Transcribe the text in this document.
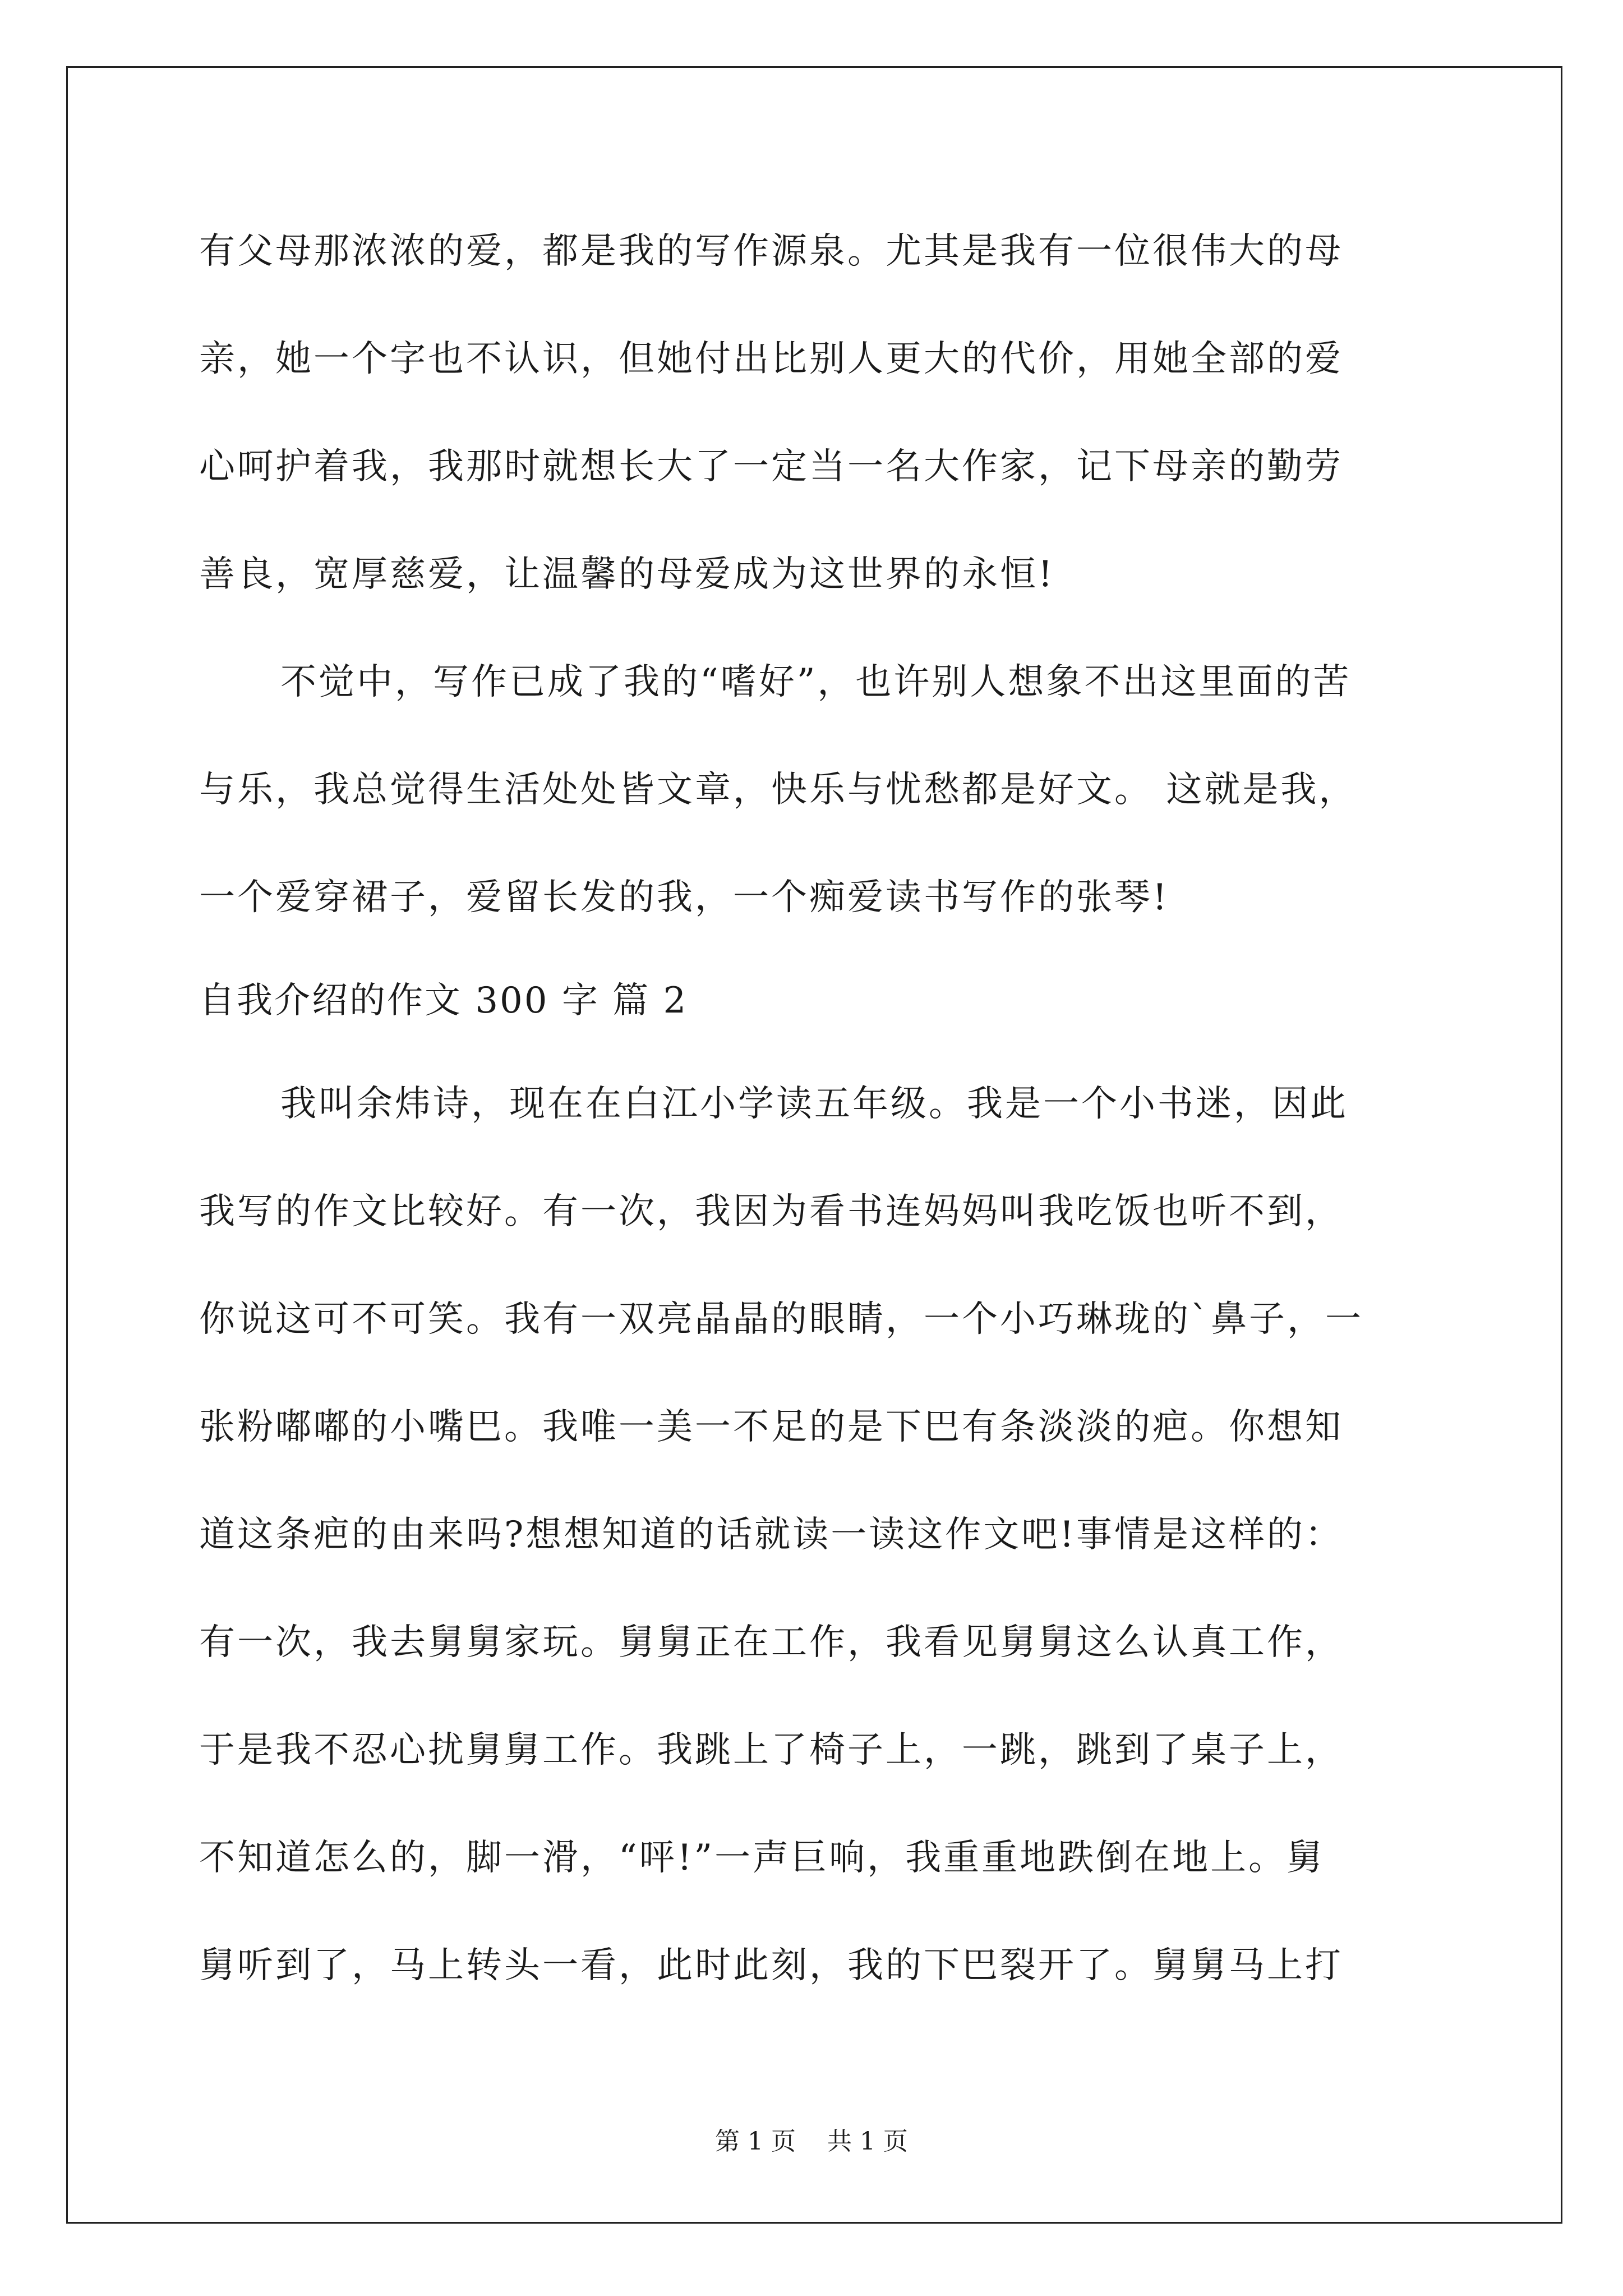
有父母那浓浓的爱，都是我的写作源泉。尤其是我有一位很伟大的母
亲，她一个字也不认识，但她付出比别人更大的代价，用她全部的爱
心呵护着我，我那时就想长大了一定当一名大作家，记下母亲的勤劳
善良，宽厚慈爱，让温馨的母爱成为这世界的永恒!
不觉中，写作已成了我的“嗜好”，也许别人想象不出这里面的苦
与乐，我总觉得生活处处皆文章，快乐与忧愁都是好文。 这就是我，
一个爱穿裙子，爱留长发的我，一个痴爱读书写作的张琴!
自我介绍的作文 300 字 篇 2
我叫余炜诗，现在在白江小学读五年级。我是一个小书迷，因此
我写的作文比较好。有一次，我因为看书连妈妈叫我吃饭也听不到，
你说这可不可笑。我有一双亮晶晶的眼睛，一个小巧琳珑的`鼻子，一
张粉嘟嘟的小嘴巴。我唯一美一不足的是下巴有条淡淡的疤。你想知
道这条疤的由来吗?想想知道的话就读一读这作文吧!事情是这样的：
有一次，我去舅舅家玩。舅舅正在工作，我看见舅舅这么认真工作，
于是我不忍心扰舅舅工作。我跳上了椅子上，一跳，跳到了桌子上，
不知道怎么的，脚一滑，“呯!”一声巨响，我重重地跌倒在地上。舅
舅听到了，马上转头一看，此时此刻，我的下巴裂开了。舅舅马上打
第 1 页    共 1 页
